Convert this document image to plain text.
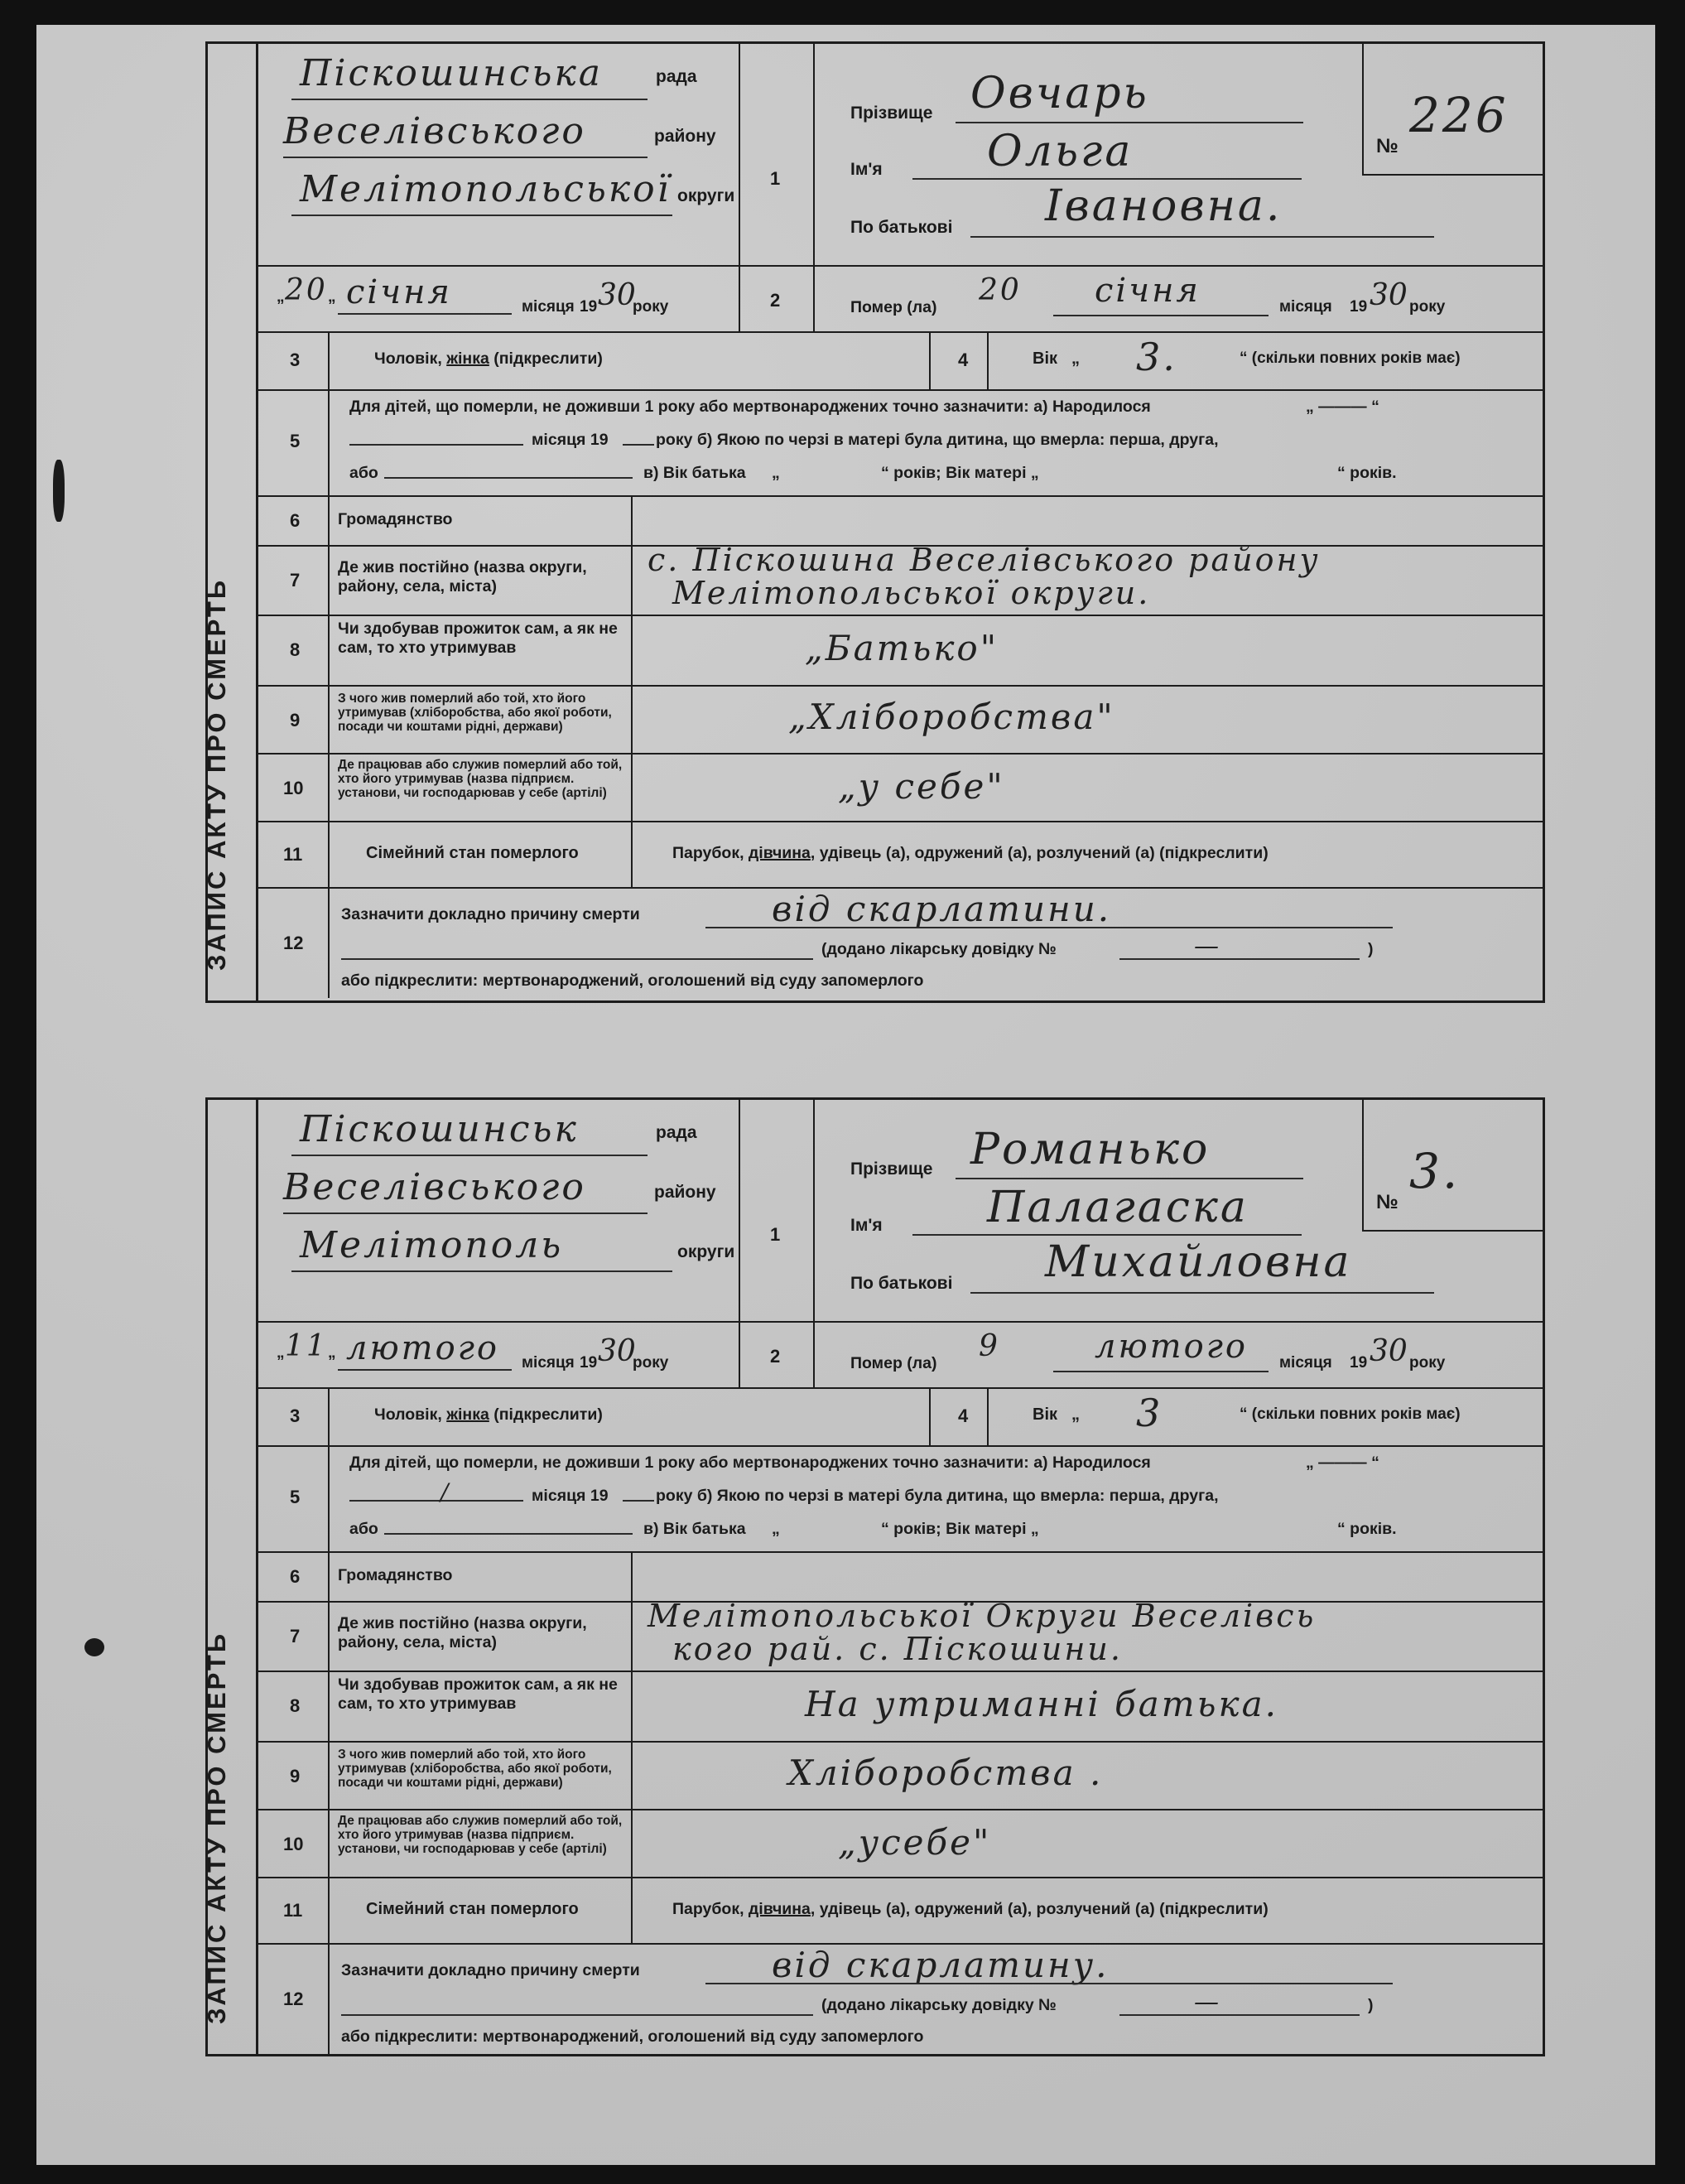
ЗАПИС АКТУ ПРО СМЕРТЬ
Піскошинська	рада
Веселівського	району
Мелітопольської округи
1
Прізвище Овчарь
Ім'я Ольга
По батькові Івановна.
№
226
„ 20 „ січня	місяця 19 30
року	2	Помер (ла) 20 січня	місяця 19 30 року
3	Чоловік, жінка (підкреслити)	4	Вік „ 3.	“ (скільки повних років має)
5
Для дітей, що померли, не доживши 1 року або мертвонароджених точно зазначити: а) Народилося	„ ——— “
місяця 19	року б) Якою по черзі в матері була дитина, що вмерла: перша, друга,
або	в) Вік батька „	“ років; Вік матері „	“ років.
6 Громадянство
7
Де жив постійно (назва округи, району, села, міста)
с. Піскошина Веселівського району
Мелітопольської округи.
8
Чи здобував прожиток сам, а як не сам, то хто утримував	„Батько"
9
З чого жив померлий або той, хто його утримував (хліборобства, або якої роботи, посади чи коштами рідні, держави)	„Хліборобства"
10
Де працював або служив померлий або той, хто його утримував (назва підприєм. установи, чи господарював у себе (артілі)	„у себе"
11	Сімейний стан померлого	Парубок, дівчина, удівець (а), одружений (а), розлучений (а) (підкреслити)
12
Зазначити докладно причину смерти	від скарлатини.
(додано лікарську довідку №	—	)
або підкреслити: мертвонароджений, оголошений від суду запомерлого
ЗАПИС АКТУ ПРО СМЕРТЬ
Піскошинськ	рада
Веселівського	району
Мелітополь	округи
1
Прізвище Романько
Ім'я Палагаска
По батькові Михайловна
№
3.
„ 11 „ лютого місяця 19 30
року	2	Помер (ла) 9	лютого місяця 19 30 року
3	Чоловік, жінка (підкреслити)	4	Вік „ 3	“ (скільки повних років має)
5
Для дітей, що померли, не доживши 1 року або мертвонароджених точно зазначити: а) Народилося	„ ——— “
/	місяця 19	року б) Якою по черзі в матері була дитина, що вмерла: перша, друга,
або	в) Вік батька „	“ років; Вік матері „	“ років.
6 Громадянство
7
Де жив постійно (назва округи, району, села, міста)
Мелітопольської Округи Веселівсь
кого рай. с. Піскошини.
8
Чи здобував прожиток сам, а як не сам, то хто утримував	На утриманні батька.
9
З чого жив померлий або той, хто його утримував (хліборобства, або якої роботи, посади чи коштами рідні, держави)	Хліборобства .
10
Де працював або служив померлий або той, хто його утримував (назва підприєм. установи, чи господарював у себе (артілі)	„усебе"
11	Сімейний стан померлого	Парубок, дівчина, удівець (а), одружений (а), розлучений (а) (підкреслити)
12
Зазначити докладно причину смерти	від скарлатину.
(додано лікарську довідку №	—	)
або підкреслити: мертвонароджений, оголошений від суду запомерлого
